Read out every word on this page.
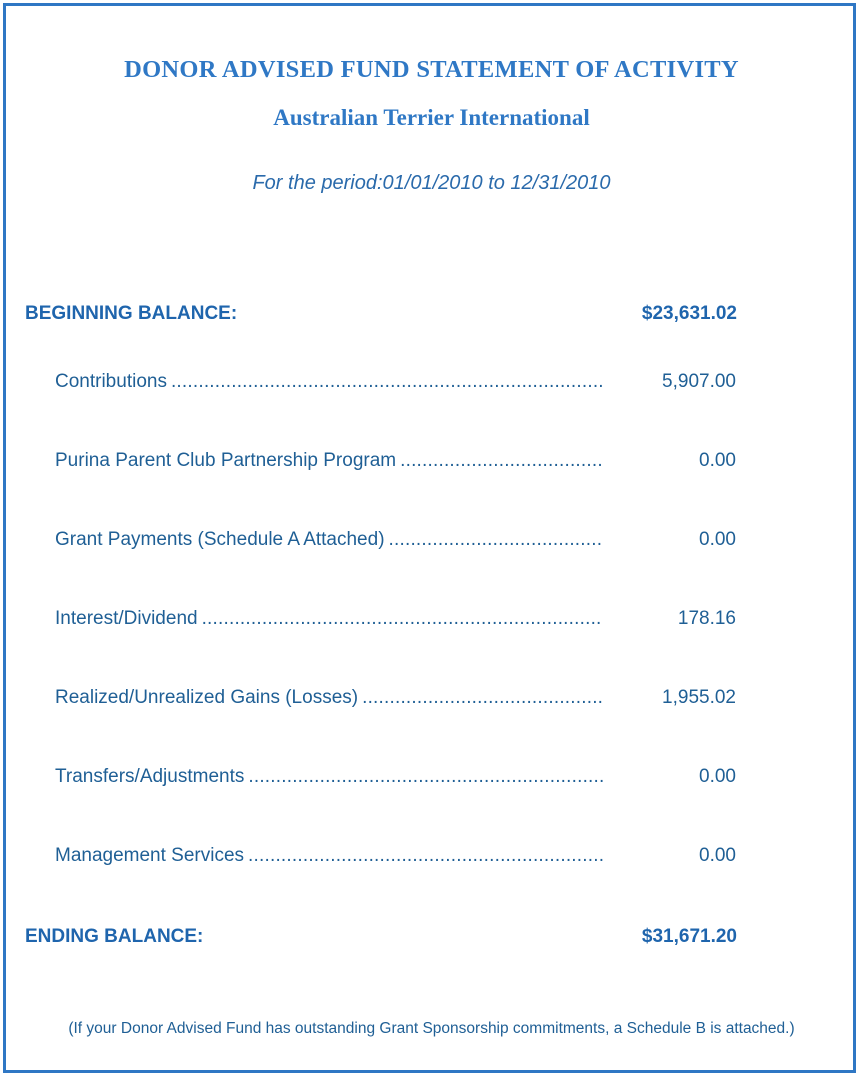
DONOR ADVISED FUND STATEMENT OF ACTIVITY
Australian Terrier International
For the period:01/01/2010 to 12/31/2010
BEGINNING BALANCE:	$23,631.02
Contributions .....	5,907.00
Purina Parent Club Partnership Program .....	0.00
Grant Payments (Schedule A Attached) .....	0.00
Interest/Dividend .....	178.16
Realized/Unrealized Gains (Losses) .....	1,955.02
Transfers/Adjustments .....	0.00
Management Services .....	0.00
ENDING BALANCE:	$31,671.20
(If your Donor Advised Fund has outstanding Grant Sponsorship commitments, a Schedule B is attached.)
